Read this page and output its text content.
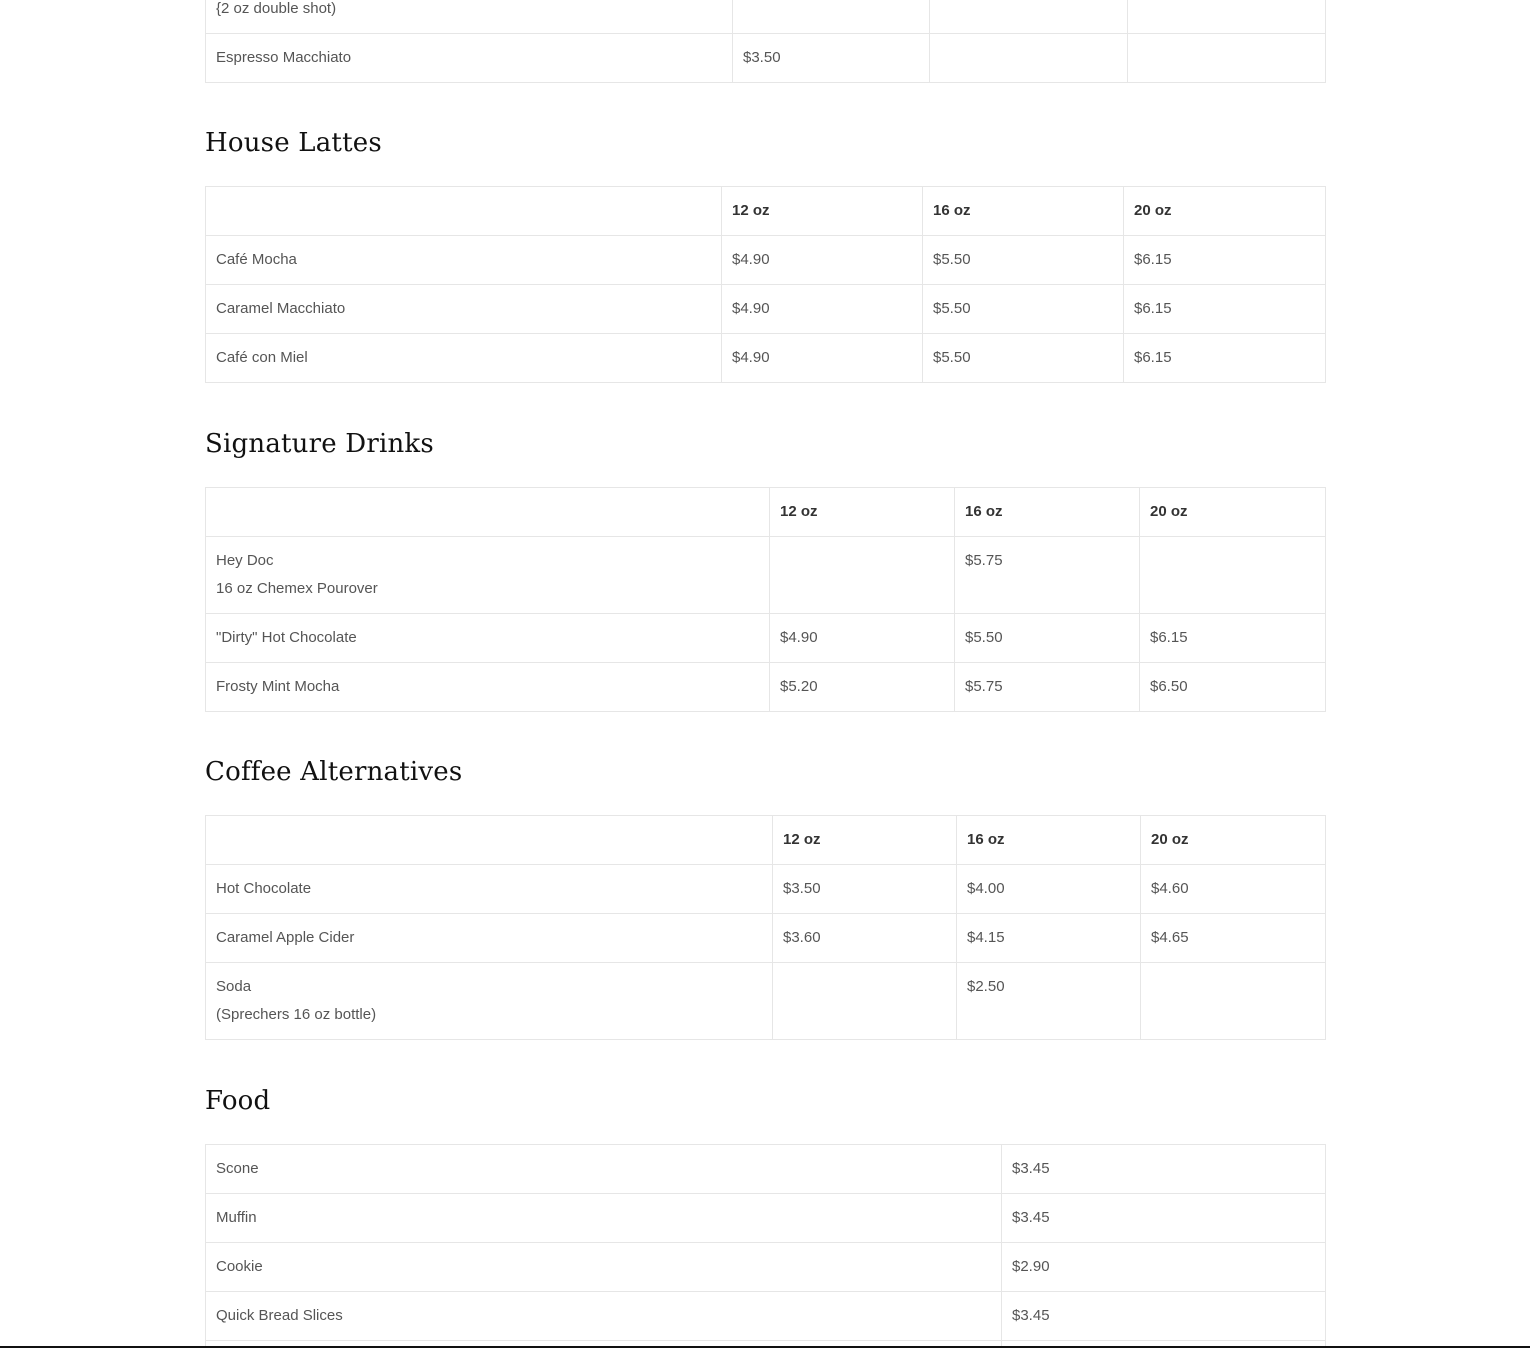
{2 oz double shot)			
Espresso Macchiato	$3.50		
House Lattes
	12 oz	16 oz	20 oz
Café Mocha	$4.90	$5.50	$6.15
Caramel Macchiato	$4.90	$5.50	$6.15
Café con Miel	$4.90	$5.50	$6.15
Signature Drinks
	12 oz	16 oz	20 oz

Hey Doc
16 oz Chemex Pourover		$5.75	
"Dirty" Hot Chocolate	$4.90	$5.50	$6.15
Frosty Mint Mocha	$5.20	$5.75	$6.50
Coffee Alternatives
	12 oz	16 oz	20 oz
Hot Chocolate	$3.50	$4.00	$4.60
Caramel Apple Cider	$3.60	$4.15	$4.65

Soda
(Sprechers 16 oz bottle)		$2.50	
Food
Scone	$3.45
Muffin	$3.45
Cookie	$2.90
Quick Bread Slices	$3.45
